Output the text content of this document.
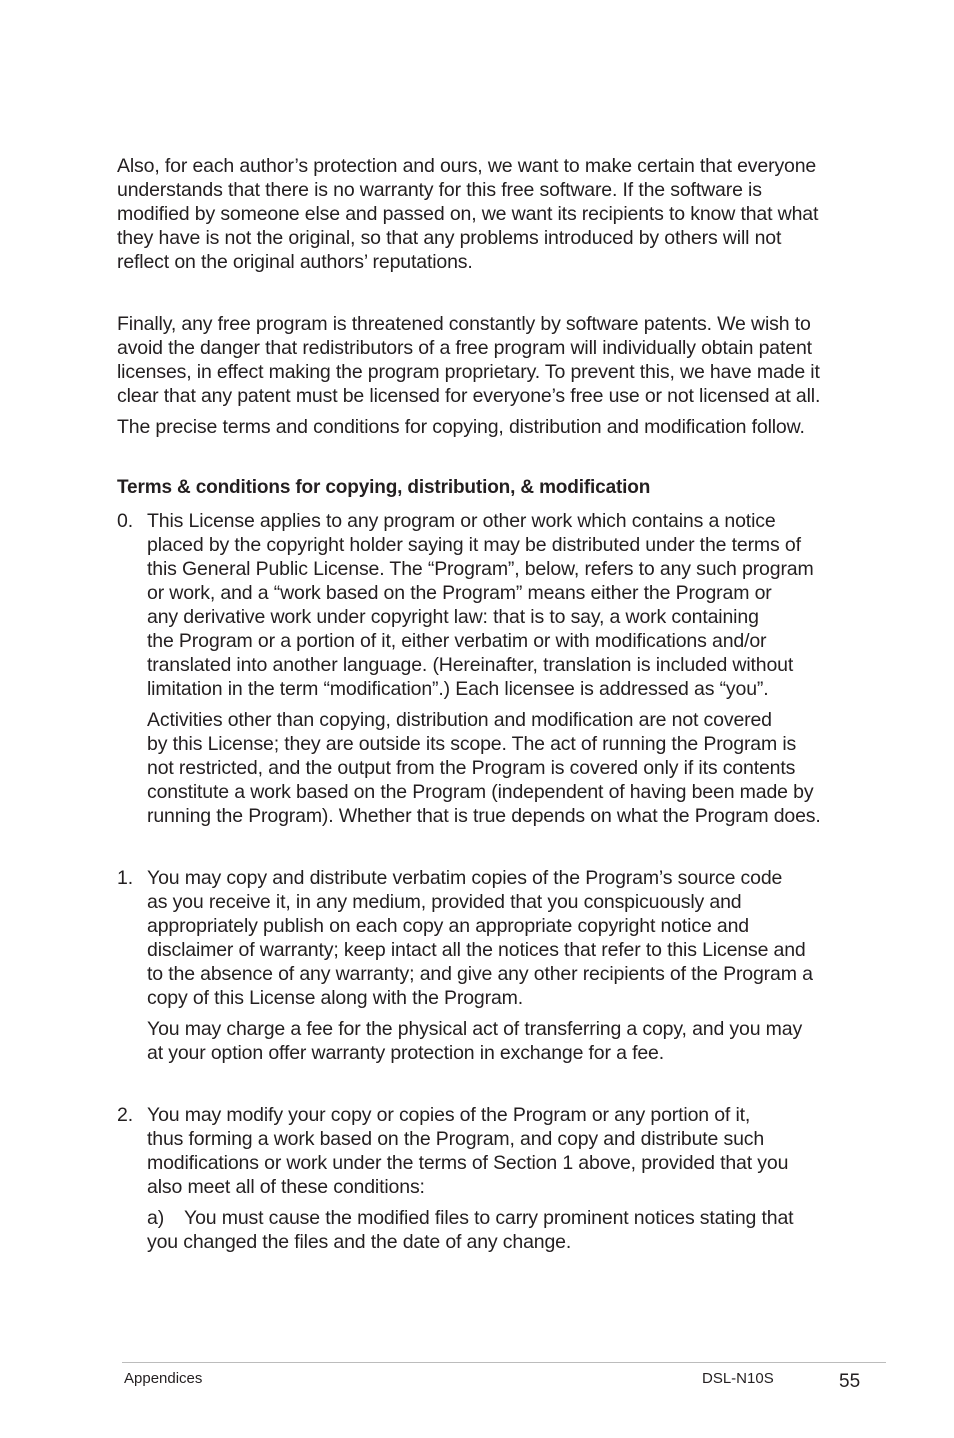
Also, for each author’s protection and ours, we want to make certain that everyone
understands that there is no warranty for this free software. If the software is
modified by someone else and passed on, we want its recipients to know that what
they have is not the original, so that any problems introduced by others will not
reflect on the original authors’ reputations.
Finally, any free program is threatened constantly by software patents. We wish to
avoid the danger that redistributors of a free program will individually obtain patent
licenses, in effect making the program proprietary. To prevent this, we have made it
clear that any patent must be licensed for everyone’s free use or not licensed at all.
The precise terms and conditions for copying, distribution and modification follow.
Terms & conditions for copying, distribution, & modification
0. This License applies to any program or other work which contains a notice
placed by the copyright holder saying it may be distributed under the terms of
this General Public License. The “Program”, below, refers to any such program
or work, and a “work based on the Program” means either the Program or
any derivative work under copyright law: that is to say, a work containing
the Program or a portion of it, either verbatim or with modifications and/or
translated into another language. (Hereinafter, translation is included without
limitation in the term “modification”.) Each licensee is addressed as “you”.
Activities other than copying, distribution and modification are not covered
by this License; they are outside its scope. The act of running the Program is
not restricted, and the output from the Program is covered only if its contents
constitute a work based on the Program (independent of having been made by
running the Program). Whether that is true depends on what the Program does.
1. You may copy and distribute verbatim copies of the Program’s source code
as you receive it, in any medium, provided that you conspicuously and
appropriately publish on each copy an appropriate copyright notice and
disclaimer of warranty; keep intact all the notices that refer to this License and
to the absence of any warranty; and give any other recipients of the Program a
copy of this License along with the Program.
You may charge a fee for the physical act of transferring a copy, and you may
at your option offer warranty protection in exchange for a fee.
2. You may modify your copy or copies of the Program or any portion of it,
thus forming a work based on the Program, and copy and distribute such
modifications or work under the terms of Section 1 above, provided that you
also meet all of these conditions:
a) You must cause the modified files to carry prominent notices stating that
you changed the files and the date of any change.
Appendices	DSL-N10S	55
